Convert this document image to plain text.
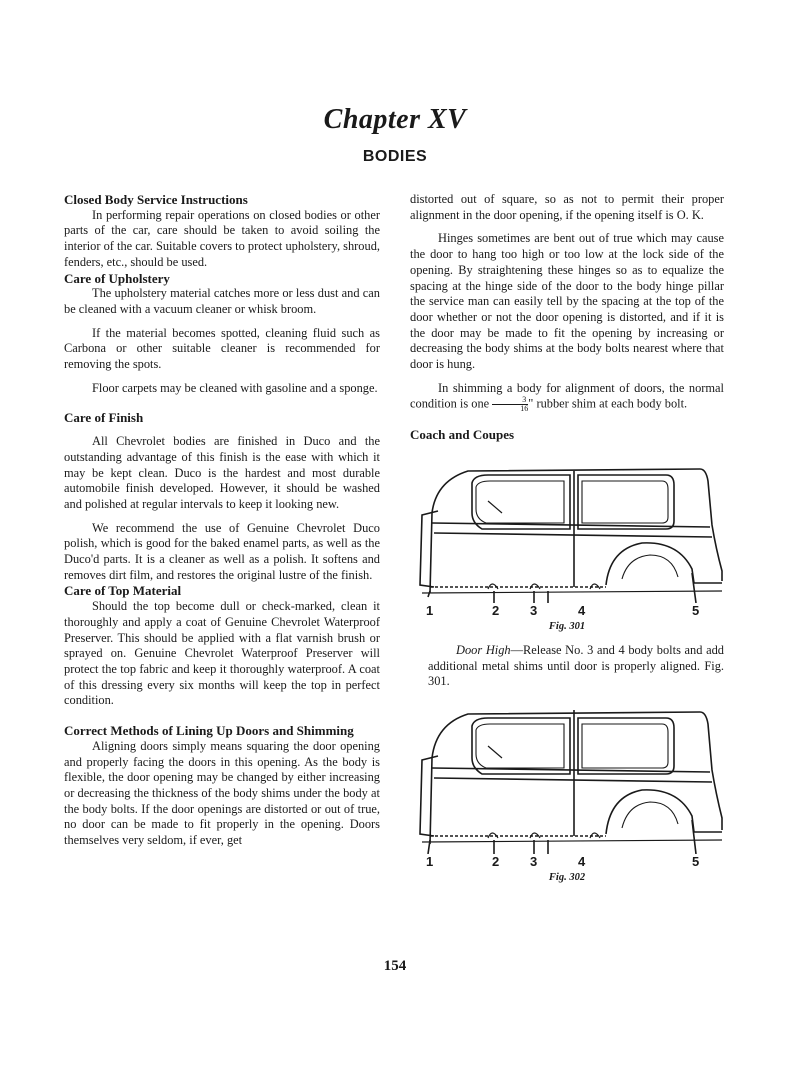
Chapter XV
BODIES
Closed Body Service Instructions

In performing repair operations on closed bodies or other parts of the car, care should be taken to avoid soiling the interior of the car. Suitable covers to protect upholstery, shroud, fenders, etc., should be used.

Care of Upholstery

The upholstery material catches more or less dust and can be cleaned with a vacuum cleaner or whisk broom.

If the material becomes spotted, cleaning fluid such as Carbona or other suitable cleaner is recommended for removing the spots.

Floor carpets may be cleaned with gasoline and a sponge.

Care of Finish

All Chevrolet bodies are finished in Duco and the outstanding advantage of this finish is the ease with which it may be kept clean. Duco is the hardest and most durable automobile finish developed. However, it should be washed and polished at regular intervals to keep it looking new.

We recommend the use of Genuine Chevrolet Duco polish, which is good for the baked enamel parts, as well as the Duco'd parts. It is a cleaner as well as a polish. It softens and removes dirt film, and restores the original lustre of the finish.

Care of Top Material

Should the top become dull or check-marked, clean it thoroughly and apply a coat of Genuine Chevrolet Waterproof Preserver. This should be applied with a flat varnish brush or sprayed on. Genuine Chevrolet Waterproof Preserver will protect the top fabric and keep it thoroughly waterproof. A coat of this dressing every six months will keep the top in perfect condition.

Correct Methods of Lining Up Doors and Shimming

Aligning doors simply means squaring the door opening and properly facing the doors in this opening. As the body is flexible, the door opening may be changed by either increasing or decreasing the thickness of the body shims under the body at the body bolts. If the door openings are distorted or out of true, no door can be made to fit properly in the opening. Doors themselves very seldom, if ever, get

distorted out of square, so as not to permit their proper alignment in the door opening, if the opening itself is O. K.

Hinges sometimes are bent out of true which may cause the door to hang too high or too low at the lock side of the opening. By straightening these hinges so as to equalize the spacing at the hinge side of the door to the body hinge pillar the service man can easily tell by the spacing at the top of the door whether or not the door opening is distorted, and if it is the door may be made to fit the opening by increasing or decreasing the body shims at the body bolts nearest where that door is hung.

In shimming a body for alignment of doors, the normal condition is one $\frac{3}{16}$ " rubber shim at each body bolt.

Coach and Coupes
1	2 3	4	5
Fig. 301

Door High—Release No. 3 and 4 body bolts and add additional metal shims until door is properly aligned. Fig. 301.

1	2 3	4	5
Fig. 302
154
